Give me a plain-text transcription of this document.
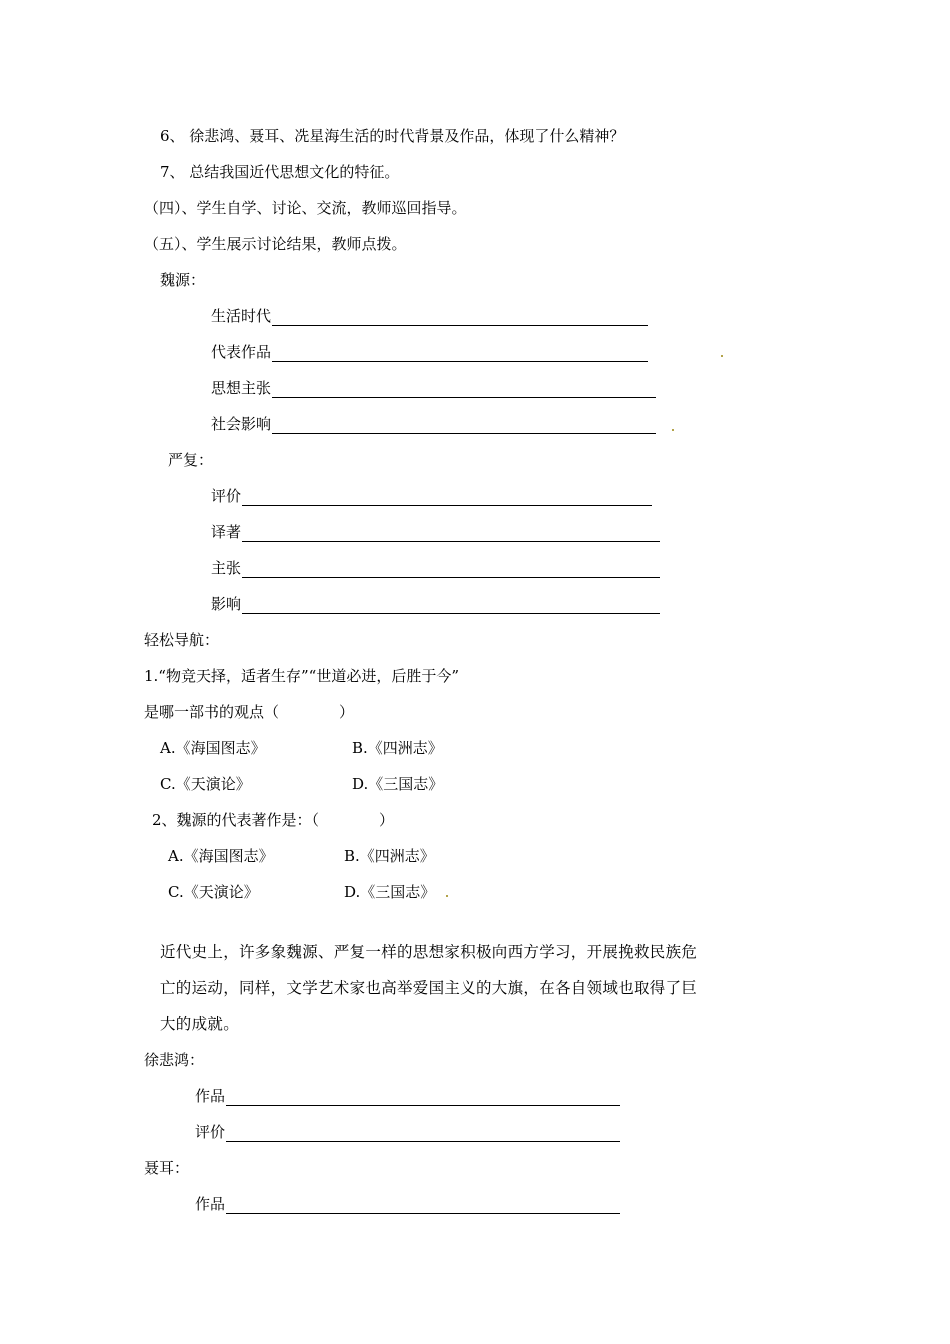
6、 徐悲鸿、聂耳、冼星海生活的时代背景及作品，体现了什么精神？
7、 总结我国近代思想文化的特征。
（四）、学生自学、讨论、交流，教师巡回指导。
（五）、学生展示讨论结果，教师点拨。
魏源：
生活时代
代表作品
思想主张
社会影响
严复：
评价
译著
主张
影响
轻松导航：
1.“物竞天择，适者生存”“世道必进，后胜于今”
是哪一部书的观点（　　　　）
A.《海国图志》	B.《四洲志》
C.《天演论》	D.《三国志》
2、魏源的代表著作是：（　　　　）
A.《海国图志》	B.《四洲志》
C.《天演论》	D.《三国志》
近代史上，许多象魏源、严复一样的思想家积极向西方学习，开展挽救民族危亡的运动，同样，文学艺术家也高举爱国主义的大旗，在各自领域也取得了巨大的成就。
徐悲鸿：
作品
评价
聂耳：
作品
